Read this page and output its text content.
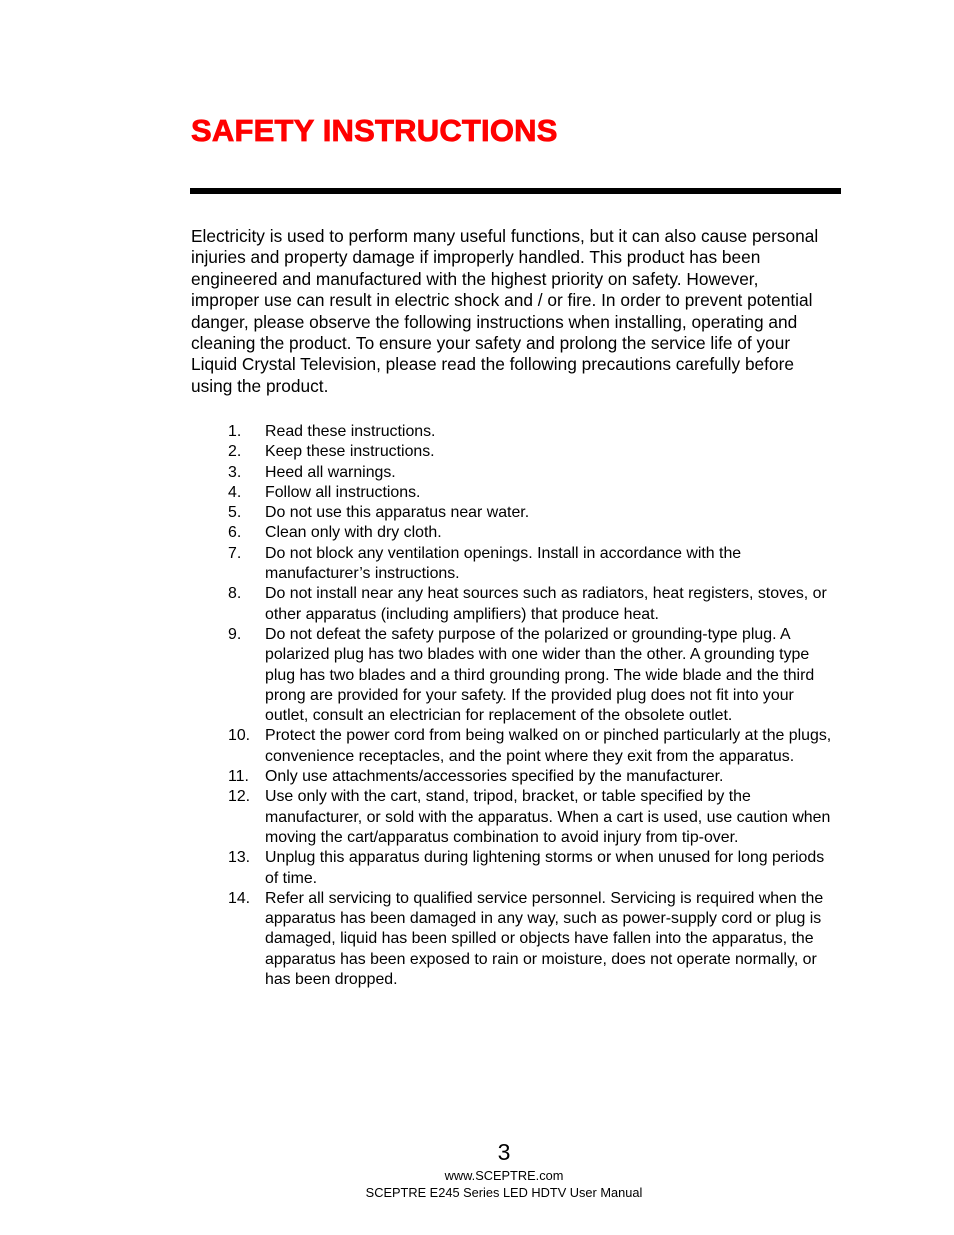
SAFETY INSTRUCTIONS

Electricity is used to perform many useful functions, but it can also cause personal injuries and property damage if improperly handled. This product has been engineered and manufactured with the highest priority on safety. However, improper use can result in electric shock and / or fire. In order to prevent potential danger, please observe the following instructions when installing, operating and cleaning the product. To ensure your safety and prolong the service life of your Liquid Crystal Television, please read the following precautions carefully before using the product.

1. Read these instructions.
2. Keep these instructions.
3. Heed all warnings.
4. Follow all instructions.
5. Do not use this apparatus near water.
6. Clean only with dry cloth.
7. Do not block any ventilation openings. Install in accordance with the manufacturer’s instructions.
8. Do not install near any heat sources such as radiators, heat registers, stoves, or other apparatus (including amplifiers) that produce heat.
9. Do not defeat the safety purpose of the polarized or grounding-type plug. A polarized plug has two blades with one wider than the other. A grounding type plug has two blades and a third grounding prong. The wide blade and the third prong are provided for your safety. If the provided plug does not fit into your outlet, consult an electrician for replacement of the obsolete outlet.
10. Protect the power cord from being walked on or pinched particularly at the plugs, convenience receptacles, and the point where they exit from the apparatus.
11. Only use attachments/accessories specified by the manufacturer.
12. Use only with the cart, stand, tripod, bracket, or table specified by the manufacturer, or sold with the apparatus. When a cart is used, use caution when moving the cart/apparatus combination to avoid injury from tip-over.
13. Unplug this apparatus during lightening storms or when unused for long periods of time.
14. Refer all servicing to qualified service personnel. Servicing is required when the apparatus has been damaged in any way, such as power-supply cord or plug is damaged, liquid has been spilled or objects have fallen into the apparatus, the apparatus has been exposed to rain or moisture, does not operate normally, or has been dropped.
3
www.SCEPTRE.com
SCEPTRE E245 Series LED HDTV User Manual
